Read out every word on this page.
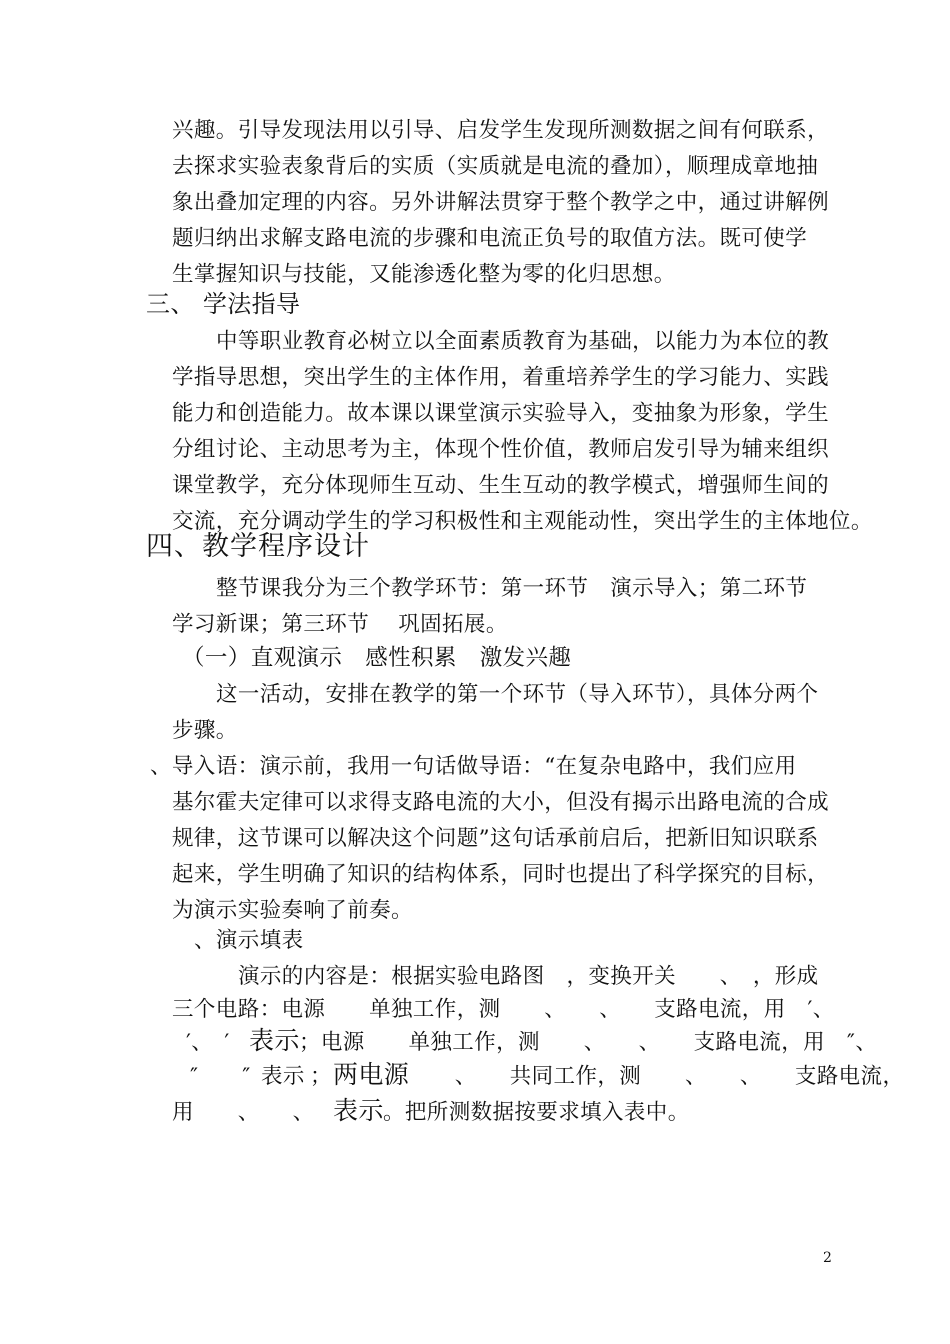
兴趣。引导发现法用以引导、启发学生发现所测数据之间有何联系，
去探求实验表象背后的实质（实质就是电流的叠加），顺理成章地抽
象出叠加定理的内容。另外讲解法贯穿于整个教学之中，通过讲解例
题归纳出求解支路电流的步骤和电流正负号的取值方法。既可使学
生掌握知识与技能，又能渗透化整为零的化归思想。
三、 学法指导
中等职业教育必树立以全面素质教育为基础，以能力为本位的教
学指导思想，突出学生的主体作用，着重培养学生的学习能力、实践
能力和创造能力。故本课以课堂演示实验导入，变抽象为形象，学生
分组讨论、主动思考为主，体现个性价值，教师启发引导为辅来组织
课堂教学，充分体现师生互动、生生互动的教学模式，增强师生间的
交流，充分调动学生的学习积极性和主观能动性，突出学生的主体地位。
四、教学程序设计
整节课我分为三个教学环节：第一环节　演示导入；第二环节
学习新课；第三环节　 巩固拓展。
（一）直观演示　感性积累　激发兴趣
这一活动，安排在教学的第一个环节（导入环节），具体分两个
步骤。
、导入语：演示前，我用一句话做导语：“在复杂电路中，我们应用
基尔霍夫定律可以求得支路电流的大小，但没有揭示出路电流的合成
规律，这节课可以解决这个问题”这句话承前启后，把新旧知识联系
起来，学生明确了知识的结构体系，同时也提出了科学探究的目标，
为演示实验奏响了前奏。
、演示填表
演示的内容是：根据实验电路图　，变换开关　　、　，形成
三个电路：电源　　单独工作，测　　、　　、　　支路电流，用　′、
′、　′ 表示 ；电源　　单独工作，测　　、　　、　　支路电流，用　″、
″　　″ 表示 ； 两电源 　　、　　共同工作，测　　、　　、　　支路电流，
用　　、　　、　　
表示 。把所测数据按要求填入表中。
2
